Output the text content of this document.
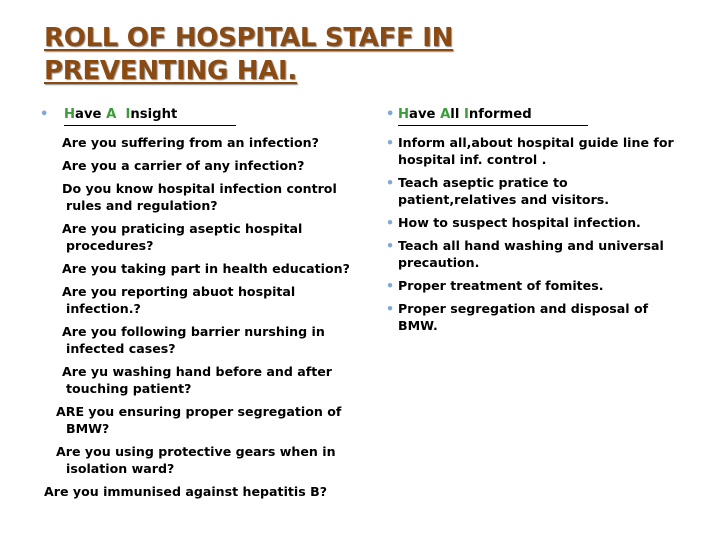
ROLL OF HOSPITAL STAFF IN
PREVENTING HAI.
• Have A Insight

Are you suffering from an infection?

Are you a carrier of any infection?

Do you know hospital infection control
rules and regulation?

Are you praticing aseptic hospital
procedures?

Are you taking part in health education?

Are you reporting abuot hospital
infection.?

Are you following barrier nurshing in
infected cases?

Are yu washing hand before and after
touching patient?

ARE you ensuring proper segregation of
BMW?

Are you using protective gears when in
isolation ward?

Are you immunised against hepatitis B?

• Have All Informed
• Inform all,about hospital guide line for
hospital inf. control .
• Teach aseptic pratice to
patient,relatives and visitors.
• How to suspect hospital infection.
• Teach all hand washing and universal
precaution.
• Proper treatment of fomites.
• Proper segregation and disposal of
BMW.
